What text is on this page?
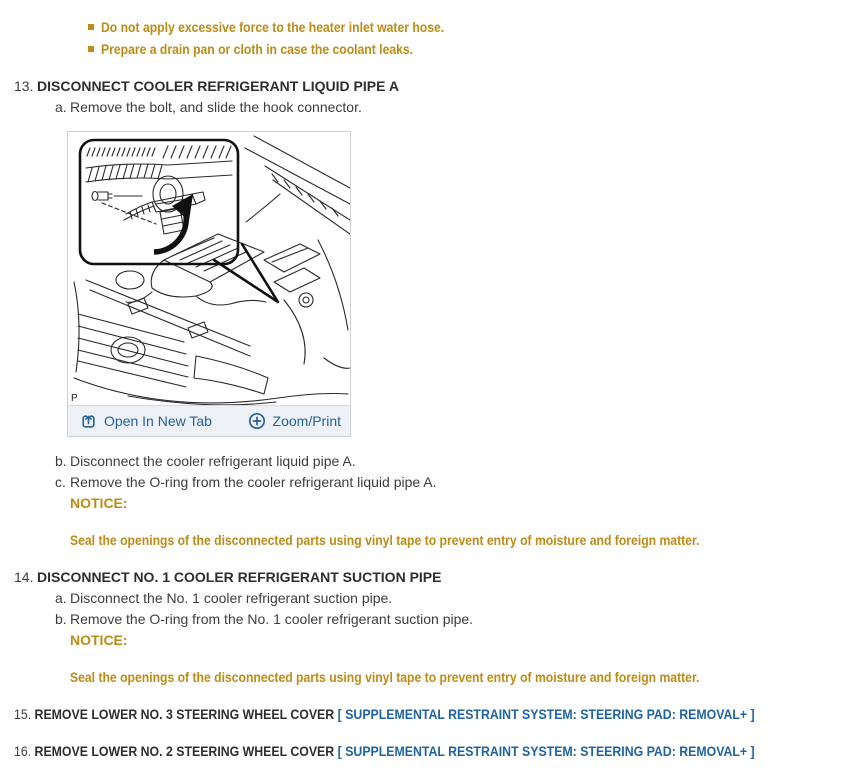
Do not apply excessive force to the heater inlet water hose.
Prepare a drain pan or cloth in case the coolant leaks.
13. DISCONNECT COOLER REFRIGERANT LIQUID PIPE A
a. Remove the bolt, and slide the hook connector.
P
Open In New Tab	Zoom/Print
b. Disconnect the cooler refrigerant liquid pipe A.
c. Remove the O-ring from the cooler refrigerant liquid pipe A.
NOTICE:
Seal the openings of the disconnected parts using vinyl tape to prevent entry of moisture and foreign matter.
14. DISCONNECT NO. 1 COOLER REFRIGERANT SUCTION PIPE
a. Disconnect the No. 1 cooler refrigerant suction pipe.
b. Remove the O-ring from the No. 1 cooler refrigerant suction pipe.
NOTICE:
Seal the openings of the disconnected parts using vinyl tape to prevent entry of moisture and foreign matter.
15. REMOVE LOWER NO. 3 STEERING WHEEL COVER [ SUPPLEMENTAL RESTRAINT SYSTEM: STEERING PAD: REMOVAL+ ]
16. REMOVE LOWER NO. 2 STEERING WHEEL COVER [ SUPPLEMENTAL RESTRAINT SYSTEM: STEERING PAD: REMOVAL+ ]
